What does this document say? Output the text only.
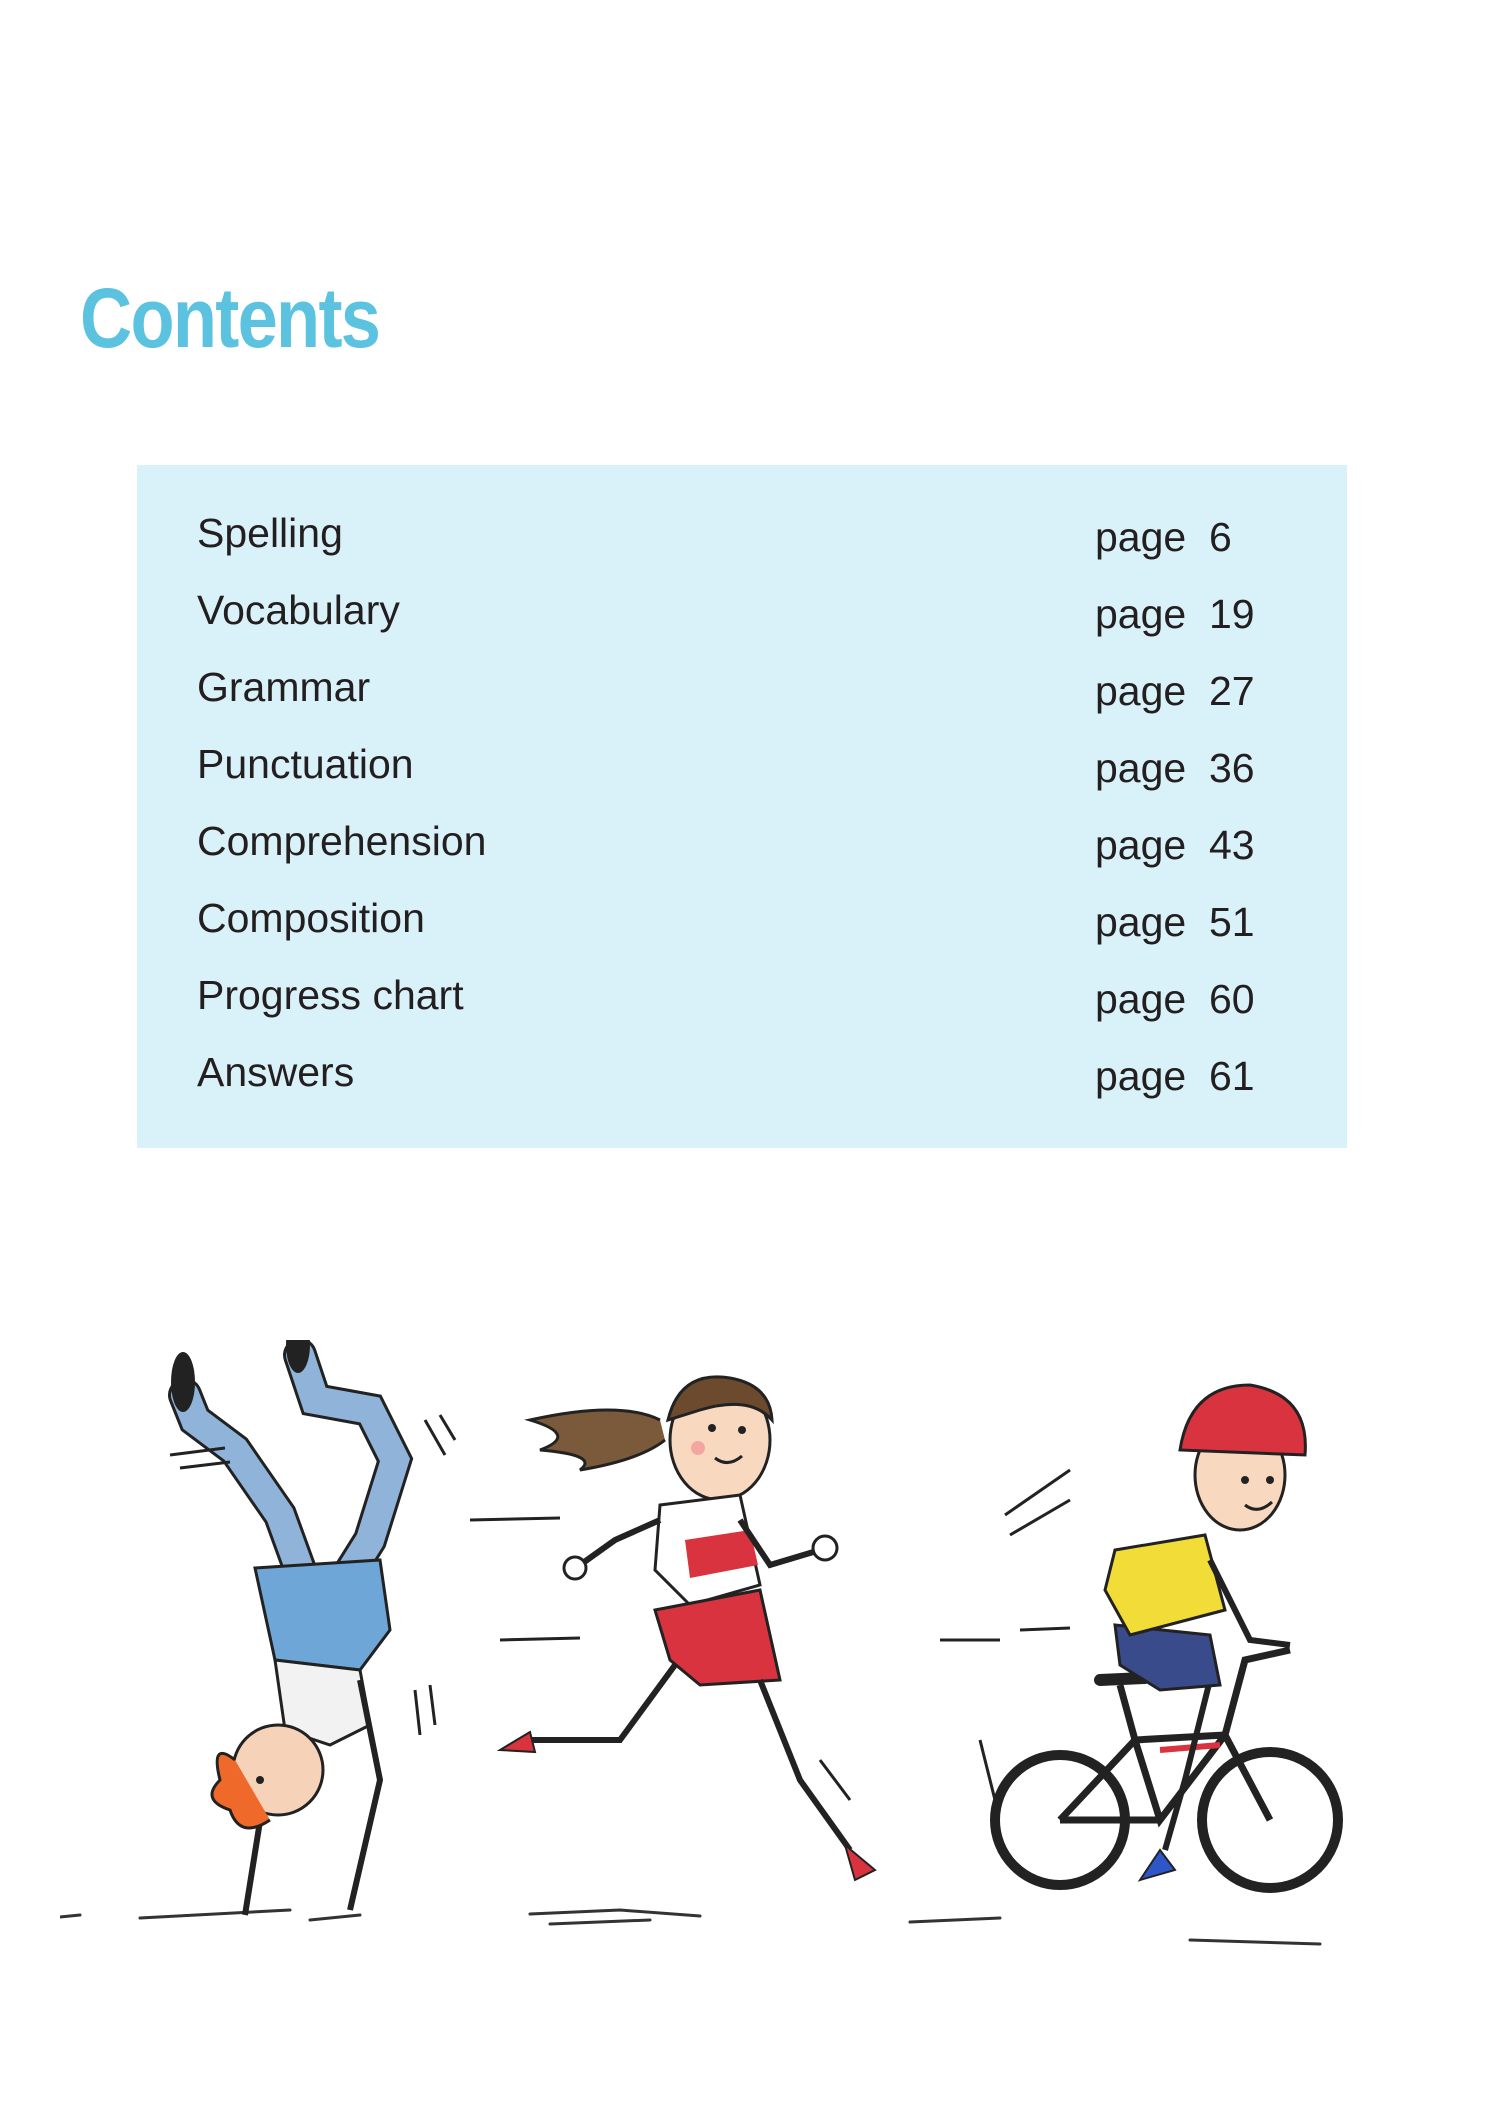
Contents
Spelling	page  6
Vocabulary	page  19
Grammar	page  27
Punctuation	page  36
Comprehension	page  43
Composition	page  51
Progress chart	page  60
Answers	page  61
